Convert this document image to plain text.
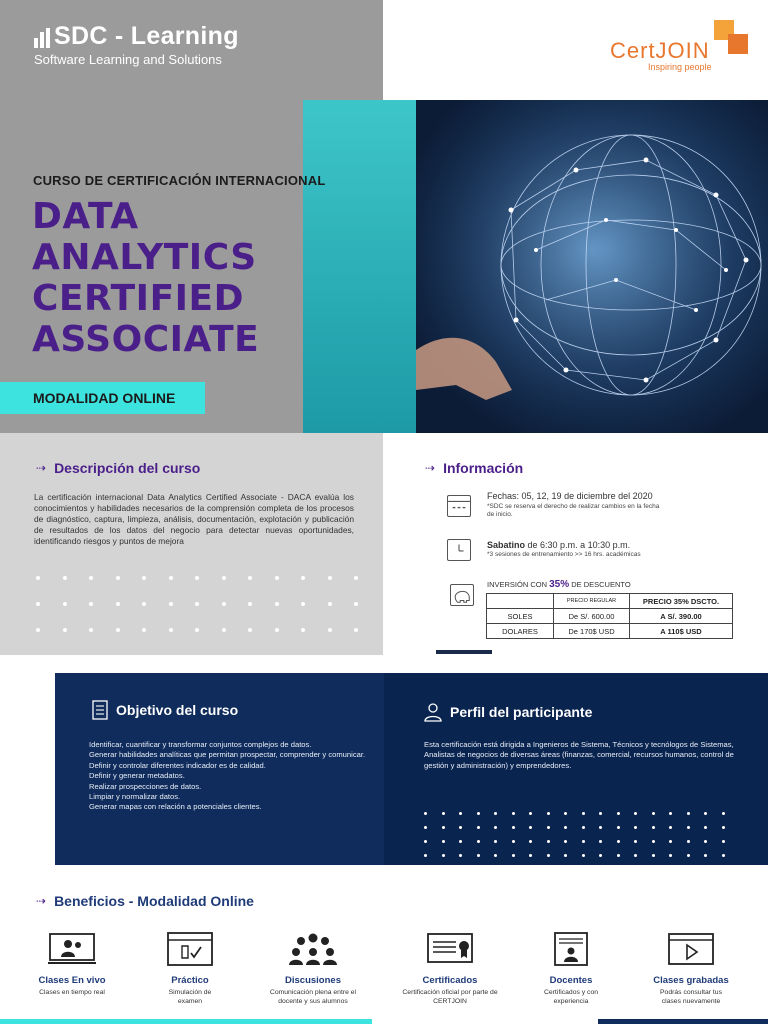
SDC - Learning
Software Learning and Solutions	CertJOIN
Inspiring people
CURSO DE CERTIFICACIÓN INTERNACIONAL
DATA
ANALYTICS
CERTIFIED
ASSOCIATE
MODALIDAD ONLINE
⇢ Descripción del curso
La certificación internacional Data Analytics Certified Associate - DACA evalúa los conocimientos y habilidades necesarios de la comprensión completa de los procesos de diagnóstico, captura, limpieza, análisis, documentación, explotación y publicación de resultados de los datos del negocio para detectar nuevas oportunidades, identificando riesgos y puntos de mejora
⇢ Información
Fechas: 05, 12, 19 de diciembre del 2020
*SDC se reserva el derecho de realizar cambios en la fecha de inicio.
Sabatino de 6:30 p.m. a 10:30 p.m.
*3 sesiones de entrenamiento >> 16 hrs. académicas
INVERSIÓN CON 35% DE DESCUENTO
	PRECIO REGULAR	PRECIO 35% DSCTO.
SOLES	De S/. 600.00	A S/. 390.00
DOLARES	De 170$ USD	A 110$ USD
Objetivo del curso
Identificar, cuantificar y transformar conjuntos complejos de datos.
Generar habilidades analíticas que permitan prospectar, comprender y comunicar.
Definir y controlar diferentes indicador es de calidad.
Definir y generar metadatos.
Realizar prospecciones de datos.
Limpiar y normalizar datos.
Generar mapas con relación a potenciales clientes.
Perfil del participante
Esta certificación está dirigida a Ingenieros de Sistema, Técnicos y tecnólogos de Sistemas, Analistas de negocios de diversas áreas (finanzas, comercial, recursos humanos, control de gestión y administración) y emprendedores.
⇢ Beneficios - Modalidad Online
Clases En vivo
Clases en tiempo real
Práctico
Simulación de examen
Discusiones
Comunicación plena entre el docente y sus alumnos
Certificados
Certificación oficial por parte de CERTJOIN
Docentes
Certificados y con experiencia
Clases grabadas
Podrás consultar tus clases nuevamente
